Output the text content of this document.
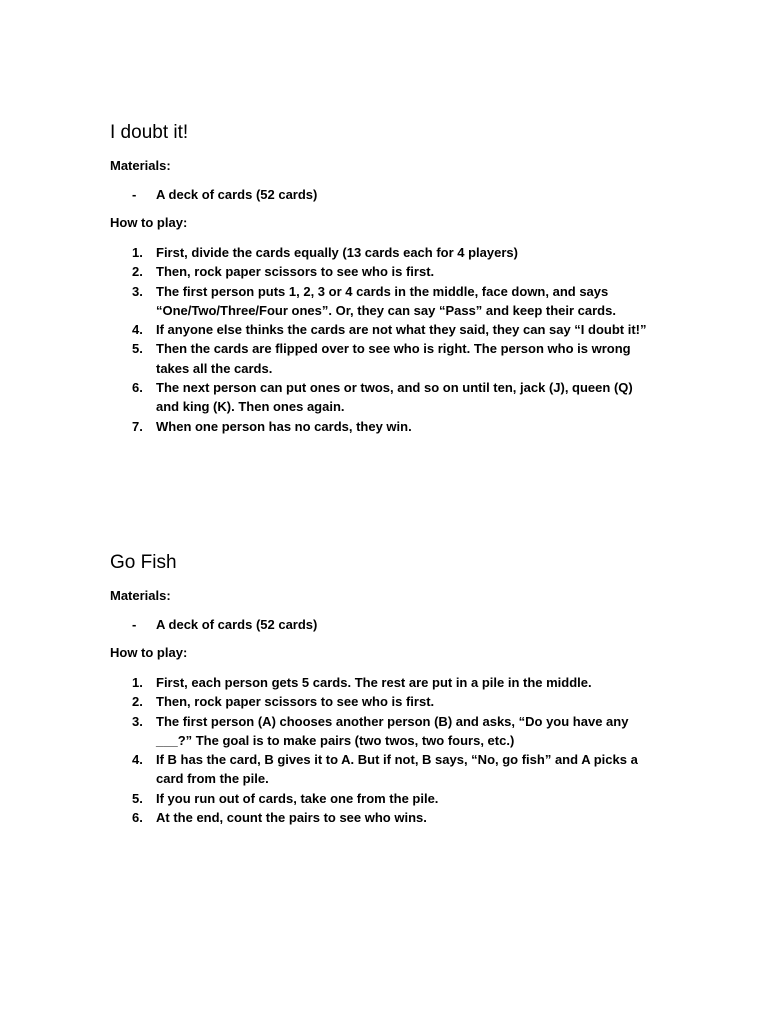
I doubt it!
Materials:
- A deck of cards (52 cards)
How to play:
1. First, divide the cards equally (13 cards each for 4 players)
2. Then, rock paper scissors to see who is first.
3. The first person puts 1, 2, 3 or 4 cards in the middle, face down, and says “One/Two/Three/Four ones”. Or, they can say “Pass” and keep their cards.
4. If anyone else thinks the cards are not what they said, they can say “I doubt it!”
5. Then the cards are flipped over to see who is right. The person who is wrong takes all the cards.
6. The next person can put ones or twos, and so on until ten, jack (J), queen (Q) and king (K). Then ones again.
7. When one person has no cards, they win.
Go Fish
Materials:
- A deck of cards (52 cards)
How to play:
1. First, each person gets 5 cards. The rest are put in a pile in the middle.
2. Then, rock paper scissors to see who is first.
3. The first person (A) chooses another person (B) and asks, “Do you have any ___?” The goal is to make pairs (two twos, two fours, etc.)
4. If B has the card, B gives it to A. But if not, B says, “No, go fish” and A picks a card from the pile.
5. If you run out of cards, take one from the pile.
6. At the end, count the pairs to see who wins.
